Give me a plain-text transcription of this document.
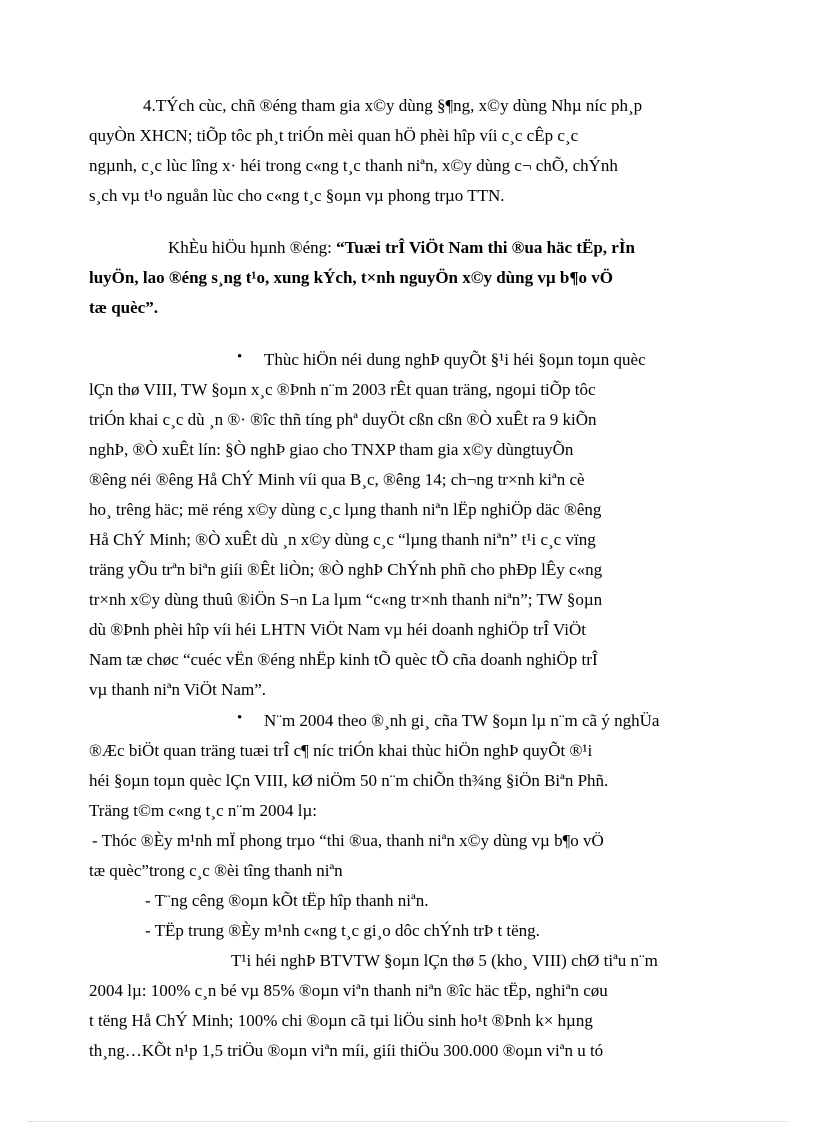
4.TÝch cùc, chñ ®éng tham gia x©y dùng §¶ng, x©y dùng Nhµ níc ph¸p
quyÒn XHCN; tiÕp tôc ph¸t triÓn mèi quan hÖ phèi hîp víi c¸c cÊp c¸c
ngµnh, c¸c lùc lîng x· héi trong c«ng t¸c thanh niªn, x©y dùng c¬ chÕ, chÝnh
s¸ch vµ t¹o nguån lùc cho c«ng t¸c §oµn vµ phong trµo TTN.
KhÈu hiÖu hµnh ®éng: “Tuæi trÎ ViÖt Nam thi ®ua häc tËp, rÌn
luyÖn, lao ®éng s¸ng t¹o, xung kÝch, t×nh nguyÖn x©y dùng vµ b¶o vÖ
tæ quèc”.
•	Thùc hiÖn néi dung nghÞ quyÕt §¹i héi §oµn toµn quèc
lÇn thø VIII, TW §oµn x¸c ®Þnh n¨m 2003 rÊt quan träng, ngoµi tiÕp tôc
triÓn khai c¸c dù ¸n ®· ®îc thñ tíng phª duyÖt cßn cßn ®Ò xuÊt ra 9 kiÕn
nghÞ, ®Ò xuÊt lín: §Ò nghÞ giao cho TNXP tham gia x©y dùngtuyÕn
®êng néi ®êng Hå ChÝ Minh víi qua B¸c, ®êng 14; ch¬ng tr×nh kiªn cè
ho¸ trêng häc; më réng x©y dùng c¸c lµng thanh niªn lËp nghiÖp däc ®êng
Hå ChÝ Minh; ®Ò xuÊt dù ¸n x©y dùng c¸c “lµng thanh niªn” t¹i c¸c vïng
träng yÕu trªn biªn giíi ®Êt liÒn; ®Ò nghÞ ChÝnh phñ cho phÐp lÊy c«ng
tr×nh x©y dùng thuû ®iÖn S¬n La lµm “c«ng tr×nh thanh niªn”; TW §oµn
dù ®Þnh phèi hîp víi héi LHTN ViÖt Nam vµ héi doanh nghiÖp trÎ ViÖt
Nam tæ chøc “cuéc vËn ®éng nhËp kinh tÕ quèc tÕ cña doanh nghiÖp trÎ
vµ thanh niªn ViÖt Nam”.
•	N¨m 2004 theo ®¸nh gi¸ cña TW §oµn lµ n¨m cã ý nghÜa
®Æc biÖt quan träng tuæi trÎ c¶ níc triÓn khai thùc hiÖn nghÞ quyÕt ®¹i
héi §oµn toµn quèc lÇn VIII, kØ niÖm 50 n¨m chiÕn th¾ng §iÖn Biªn Phñ.
Träng t©m c«ng t¸c n¨m 2004 lµ:
- Thóc ®Èy m¹nh mÏ phong trµo “thi ®ua, thanh niªn x©y dùng vµ b¶o vÖ
tæ quèc”trong c¸c ®èi tîng thanh niªn
- T¨ng cêng ®oµn kÕt tËp hîp thanh niªn.
- TËp trung ®Èy m¹nh c«ng t¸c gi¸o dôc chÝnh trÞ t tëng.
T¹i héi nghÞ BTVTW §oµn lÇn thø 5 (kho¸ VIII) chØ tiªu n¨m
2004 lµ: 100% c¸n bé vµ 85% ®oµn viªn thanh niªn ®îc häc tËp, nghiªn cøu
t tëng Hå ChÝ Minh; 100% chi ®oµn cã tµi liÖu sinh ho¹t ®Þnh k× hµng
th¸ng…KÕt n¹p 1,5 triÖu ®oµn viªn míi, giíi thiÖu 300.000 ®oµn viªn u tó
